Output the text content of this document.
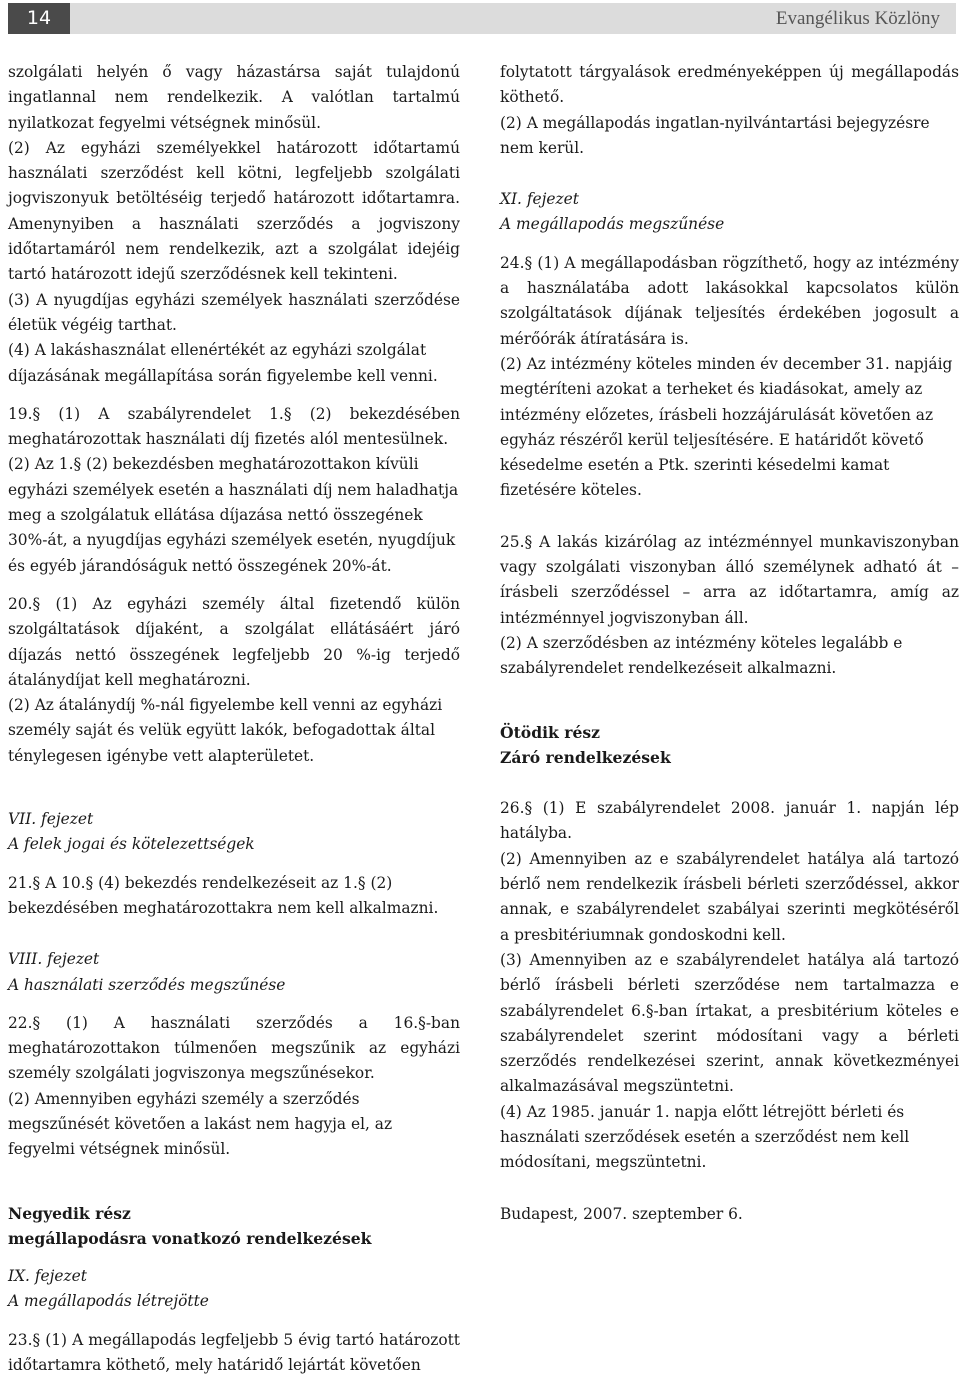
14	Evangélikus Közlöny

szolgálati helyén ő vagy házastársa saját tulajdonú ingatlannal nem rendelkezik. A valótlan tartalmú nyilatkozat fegyelmi vétségnek minősül.

(2) Az egyházi személyekkel határozott időtartamú használati szerződést kell kötni, legfeljebb szolgálati jogviszonyuk betöltéséig terjedő határozott időtartamra. Amenynyiben a használati szerződés a jogviszony időtartamáról nem rendelkezik, azt a szolgálat idejéig tartó határozott idejű szerződésnek kell tekinteni.

(3) A nyugdíjas egyházi személyek használati szerződése életük végéig tarthat.

(4) A lakáshasználat ellenértékét az egyházi szolgálat díjazásának megállapítása során figyelembe kell venni.

19.§ (1) A szabályrendelet 1.§ (2) bekezdésében meghatározottak használati díj fizetés alól mentesülnek.

(2) Az 1.§ (2) bekezdésben meghatározottakon kívüli egyházi személyek esetén a használati díj nem haladhatja meg a szolgálatuk ellátása díjazása nettó összegének 30%-át, a nyugdíjas egyházi személyek esetén, nyugdíjuk és egyéb járandóságuk nettó összegének 20%-át.

20.§ (1) Az egyházi személy által fizetendő külön szolgáltatások díjaként, a szolgálat ellátásáért járó díjazás nettó összegének legfeljebb 20 %-ig terjedő átalánydíjat kell meghatározni.

(2) Az átalánydíj %-nál figyelembe kell venni az egyházi személy saját és velük együtt lakók, befogadottak által ténylegesen igénybe vett alapterületet.

VII. fejezet

A felek jogai és kötelezettségek

21.§ A 10.§ (4) bekezdés rendelkezéseit az 1.§ (2) bekezdésében meghatározottakra nem kell alkalmazni.

VIII. fejezet

A használati szerződés megszűnése

22.§ (1) A használati szerződés a 16.§-ban meghatározottakon túlmenően megszűnik az egyházi személy szolgálati jogviszonya megszűnésekor.

(2) Amennyiben egyházi személy a szerződés megszűnését követően a lakást nem hagyja el, az fegyelmi vétségnek minősül.

Negyedik rész

megállapodásra vonatkozó rendelkezések

IX. fejezet

A megállapodás létrejötte

23.§ (1) A megállapodás legfeljebb 5 évig tartó határozott időtartamra köthető, mely határidő lejártát követően

folytatott tárgyalások eredményeképpen új megállapodás köthető.

(2) A megállapodás ingatlan-nyilvántartási bejegyzésre nem kerül.

XI. fejezet

A megállapodás megszűnése

24.§ (1) A megállapodásban rögzíthető, hogy az intézmény a használatába adott lakásokkal kapcsolatos külön szolgáltatások díjának teljesítés érdekében jogosult a mérőórák átíratására is.

(2) Az intézmény köteles minden év december 31. napjáig megtéríteni azokat a terheket és kiadásokat, amely az intézmény előzetes, írásbeli hozzájárulását követően az egyház részéről kerül teljesítésére. E határidőt követő késedelme esetén a Ptk. szerinti késedelmi kamat fizetésére köteles.

25.§ A lakás kizárólag az intézménnyel munkaviszonyban vagy szolgálati viszonyban álló személynek adható át – írásbeli szerződéssel – arra az időtartamra, amíg az intézménnyel jogviszonyban áll.

(2) A szerződésben az intézmény köteles legalább e szabályrendelet rendelkezéseit alkalmazni.

Ötödik rész

Záró rendelkezések

26.§ (1) E szabályrendelet 2008. január 1. napján lép hatályba.

(2) Amennyiben az e szabályrendelet hatálya alá tartozó bérlő nem rendelkezik írásbeli bérleti szerződéssel, akkor annak, e szabályrendelet szabályai szerinti megkötéséről a presbitériumnak gondoskodni kell.

(3) Amennyiben az e szabályrendelet hatálya alá tartozó bérlő írásbeli bérleti szerződése nem tartalmazza e szabályrendelet 6.§-ban írtakat, a presbitérium köteles e szabályrendelet szerint módosítani vagy a bérleti szerződés rendelkezései szerint, annak következményei alkalmazásával megszüntetni.

(4) Az 1985. január 1. napja előtt létrejött bérleti és használati szerződések esetén a szerződést nem kell módosítani, megszüntetni.

Budapest, 2007. szeptember 6.
